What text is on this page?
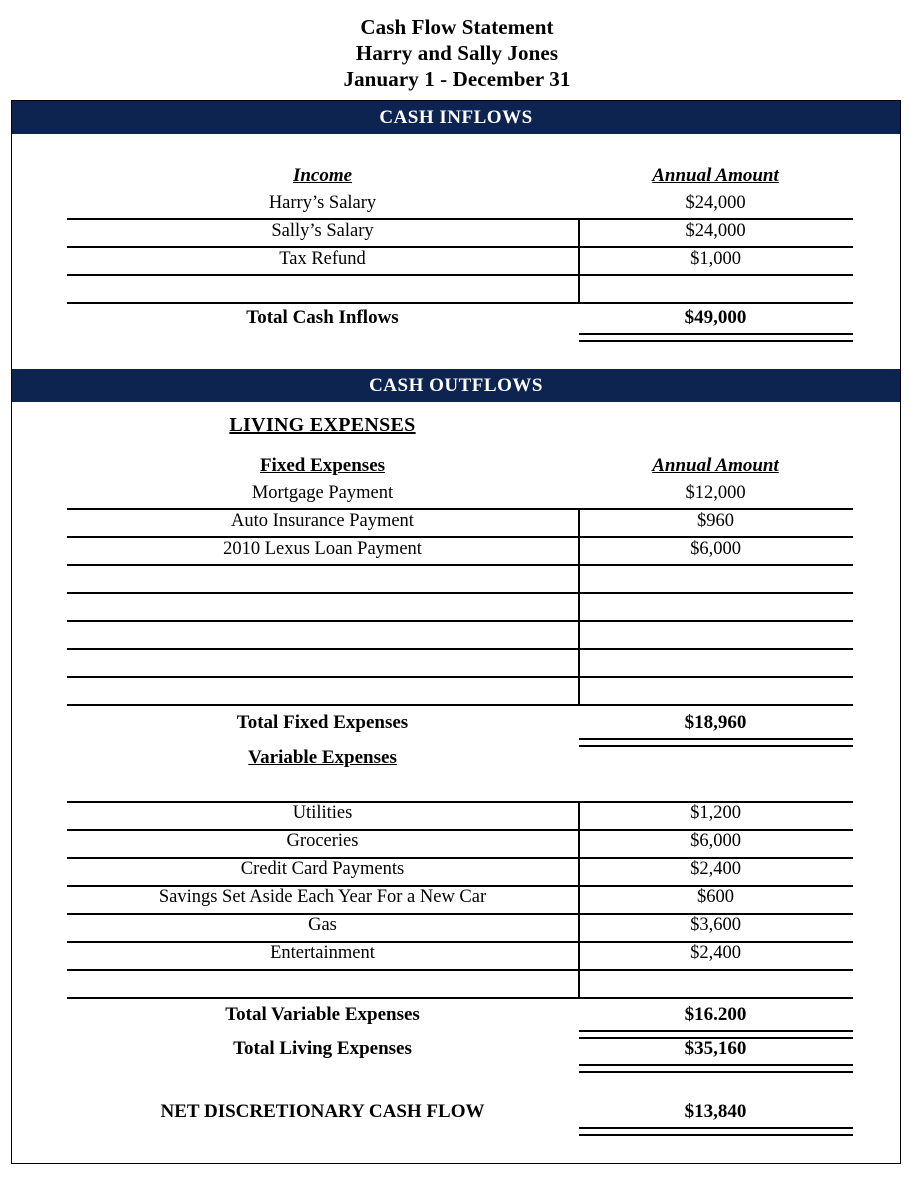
Cash Flow Statement
Harry and Sally Jones
January 1 - December 31
CASH INFLOWS
Income	Annual Amount
Harry’s Salary	$24,000
Sally’s Salary	$24,000
Tax Refund	$1,000
Total Cash Inflows	$49,000
CASH OUTFLOWS
LIVING EXPENSES
Fixed Expenses	Annual Amount
Mortgage Payment	$12,000
Auto Insurance Payment	$960
2010 Lexus Loan Payment	$6,000
Total Fixed Expenses	$18,960
Variable Expenses
Utilities	$1,200
Groceries	$6,000
Credit Card Payments	$2,400
Savings Set Aside Each Year For a New Car	$600
Gas	$3,600
Entertainment	$2,400
Total Variable Expenses	$16.200
Total Living Expenses	$35,160
NET DISCRETIONARY CASH FLOW	$13,840
